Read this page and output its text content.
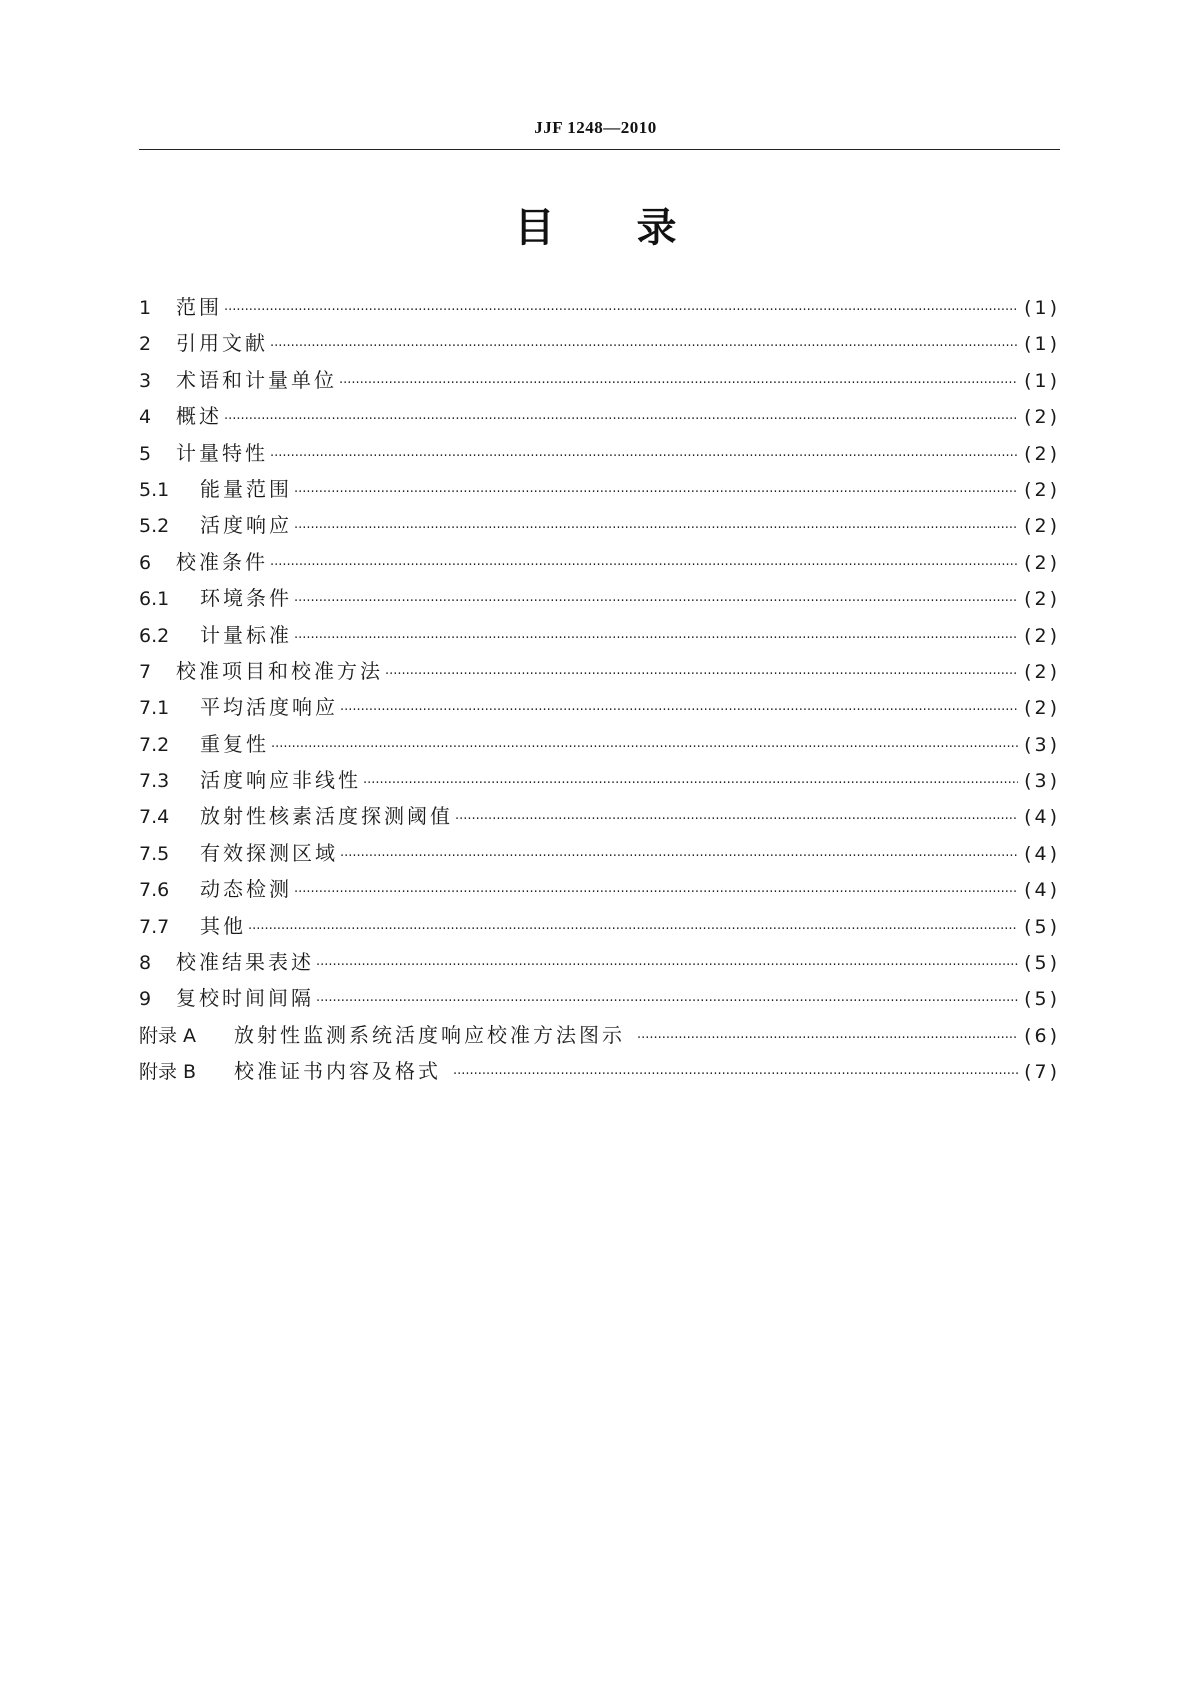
JJF 1248—2010
目 录
1	范围 ·····	(1)
2	引用文献 ·····	(1)
3	术语和计量单位 ·····	(1)
4	概述 ·····	(2)
5	计量特性 ·····	(2)
5.1	能量范围 ·····	(2)
5.2	活度响应 ·····	(2)
6	校准条件 ·····	(2)
6.1	环境条件 ·····	(2)
6.2	计量标准 ·····	(2)
7	校准项目和校准方法 ·····	(2)
7.1	平均活度响应 ·····	(2)
7.2	重复性 ·····	(3)
7.3	活度响应非线性 ·····	(3)
7.4	放射性核素活度探测阈值 ·····	(4)
7.5	有效探测区域 ·····	(4)
7.6	动态检测 ·····	(4)
7.7	其他 ·····	(5)
8	校准结果表述 ·····	(5)
9	复校时间间隔 ·····	(5)
附录 A	放射性监测系统活度响应校准方法图示 ·····	(6)
附录 B	校准证书内容及格式 ·····	(7)
